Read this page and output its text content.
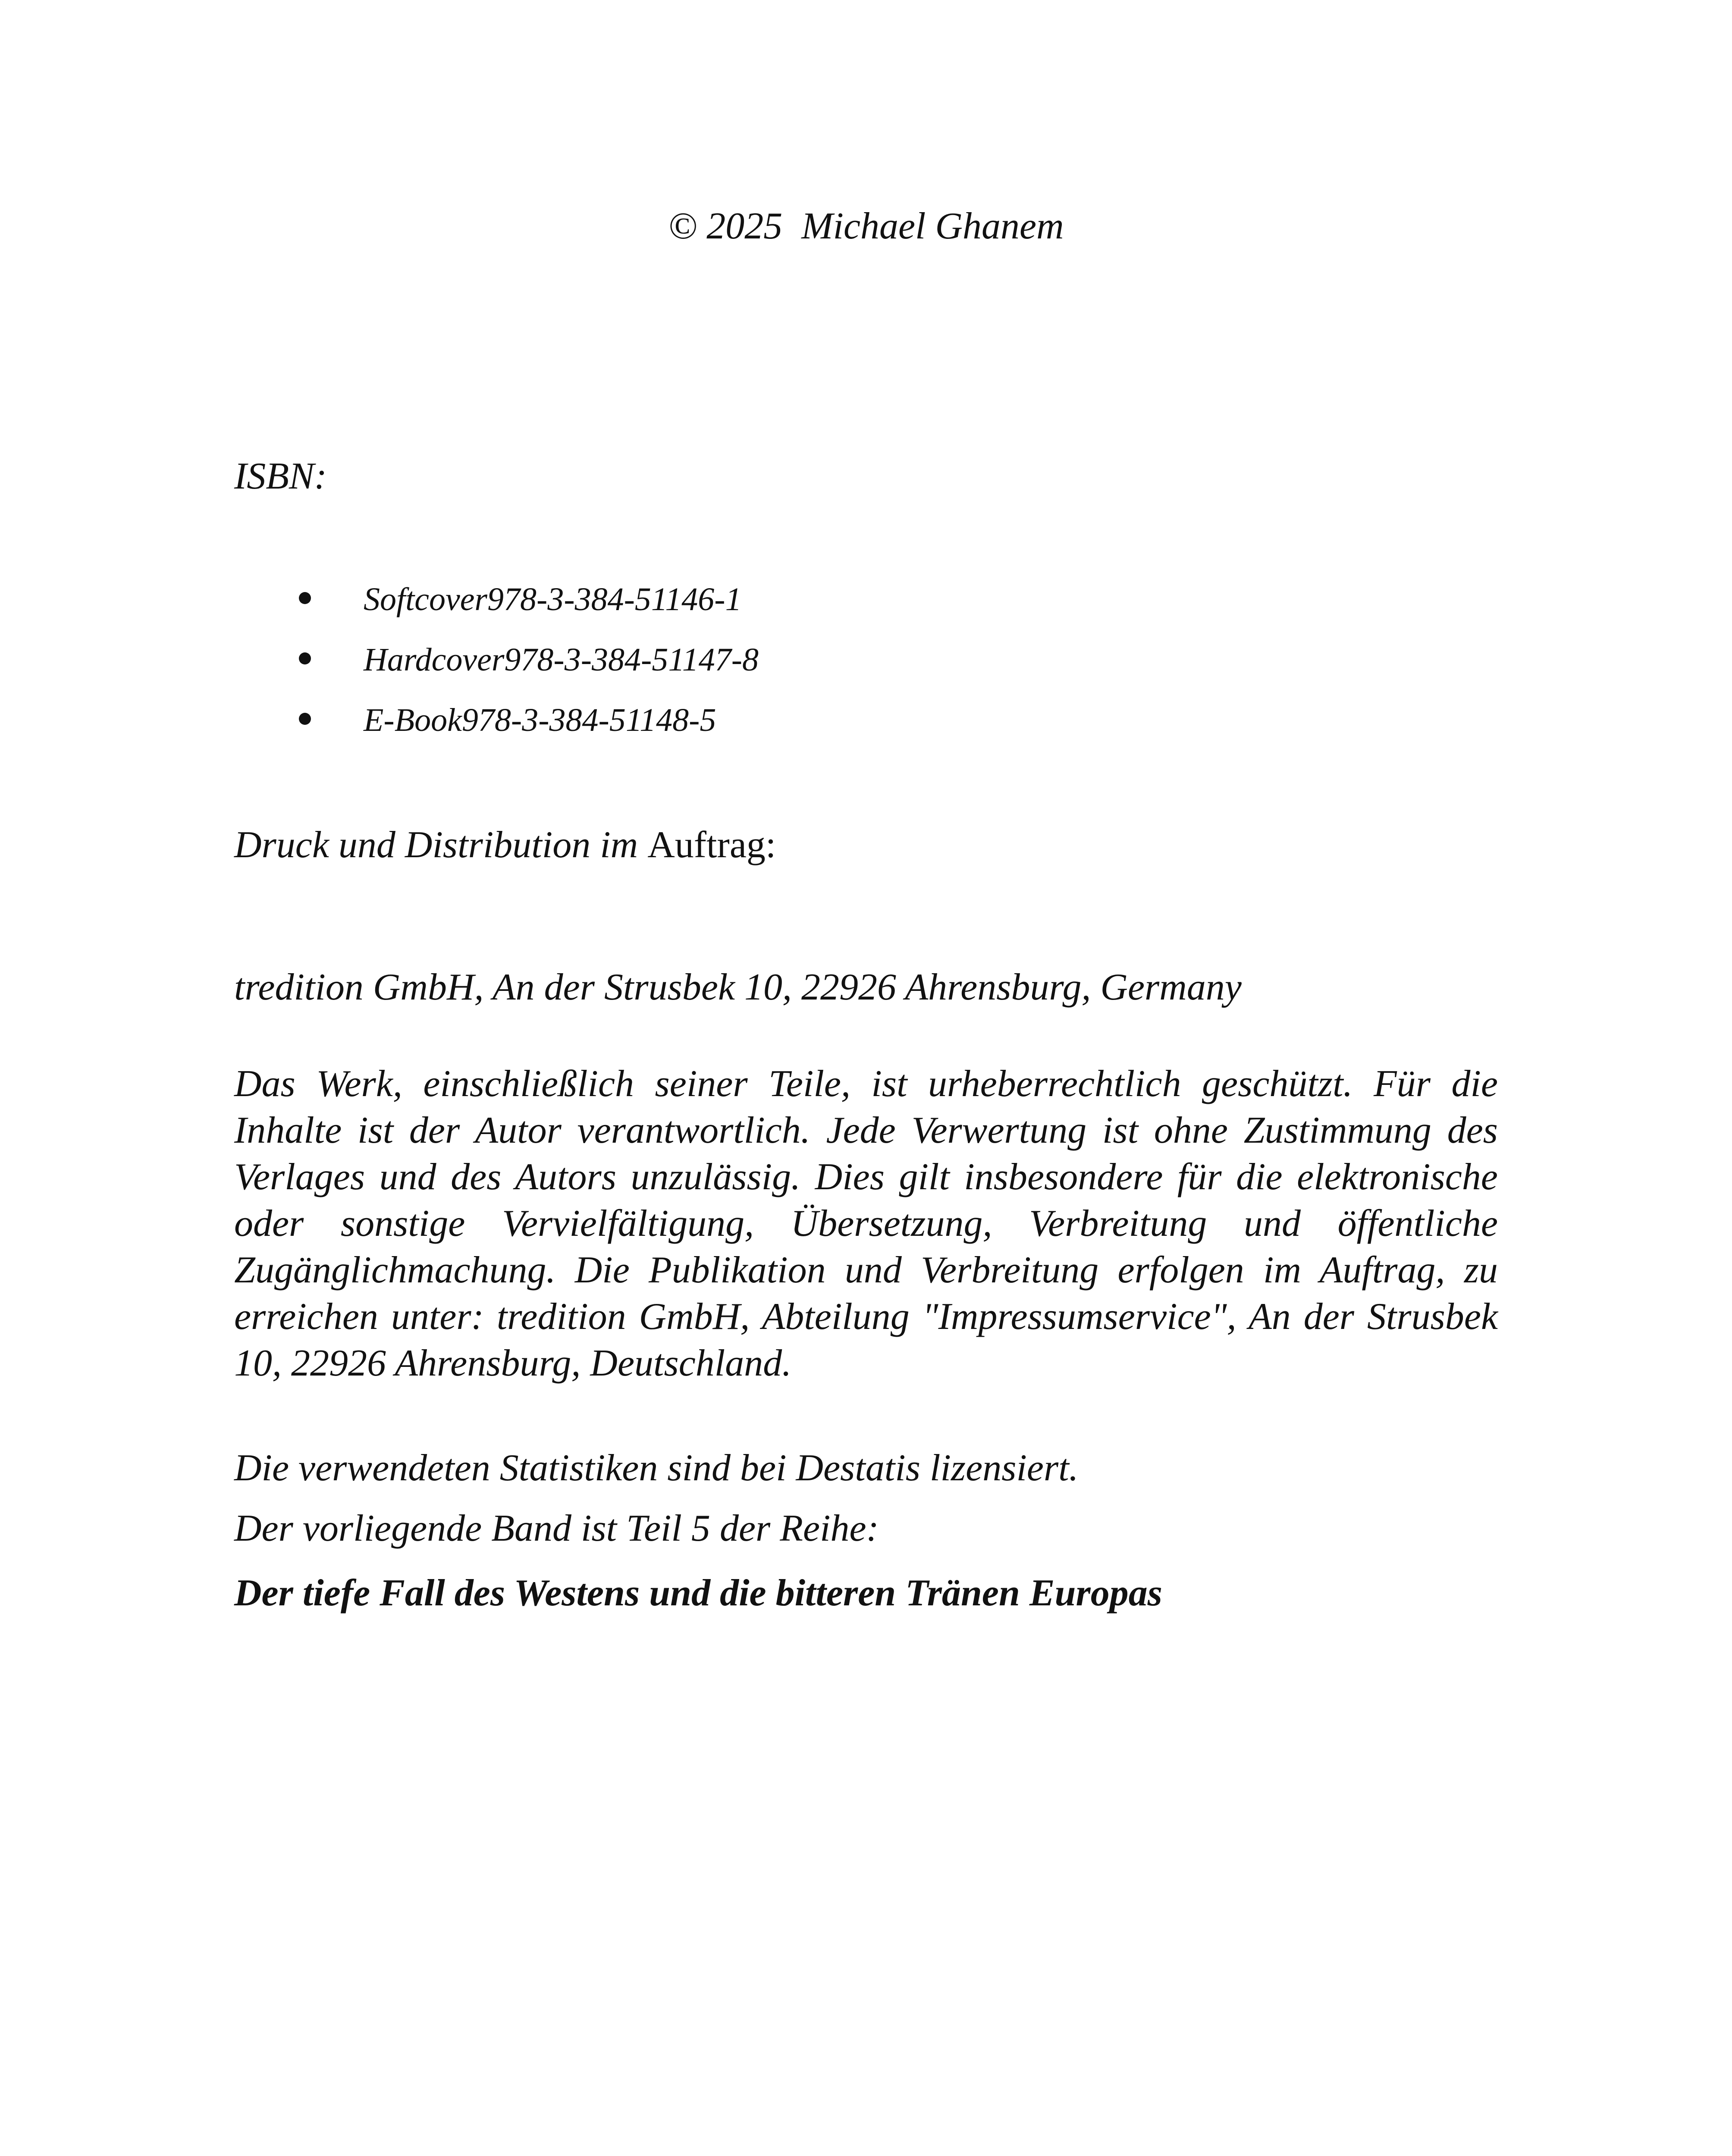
© 2025  Michael Ghanem
ISBN:
Softcover978-3-384-51146-1
Hardcover978-3-384-51147-8
E-Book978-3-384-51148-5
Druck und Distribution im Auftrag:
tredition GmbH, An der Strusbek 10, 22926 Ahrensburg, Germany

Das Werk, einschließlich seiner Teile, ist urheberrechtlich geschützt. Für die Inhalte ist der Autor verantwortlich. Jede Verwertung ist ohne Zustimmung des Verlages und des Autors unzulässig. Dies gilt insbesondere für die elektronische oder sonstige Vervielfältigung, Übersetzung, Verbreitung und öffentliche Zugänglichmachung. Die Publikation und Verbreitung erfolgen im Auftrag, zu erreichen unter: tredition GmbH, Abteilung "Impressumservice", An der Strusbek 10, 22926 Ahrensburg, Deutschland.

Die verwendeten Statistiken sind bei Destatis lizensiert.
Der vorliegende Band ist Teil 5 der Reihe:
Der tiefe Fall des Westens und die bitteren Tränen Europas
